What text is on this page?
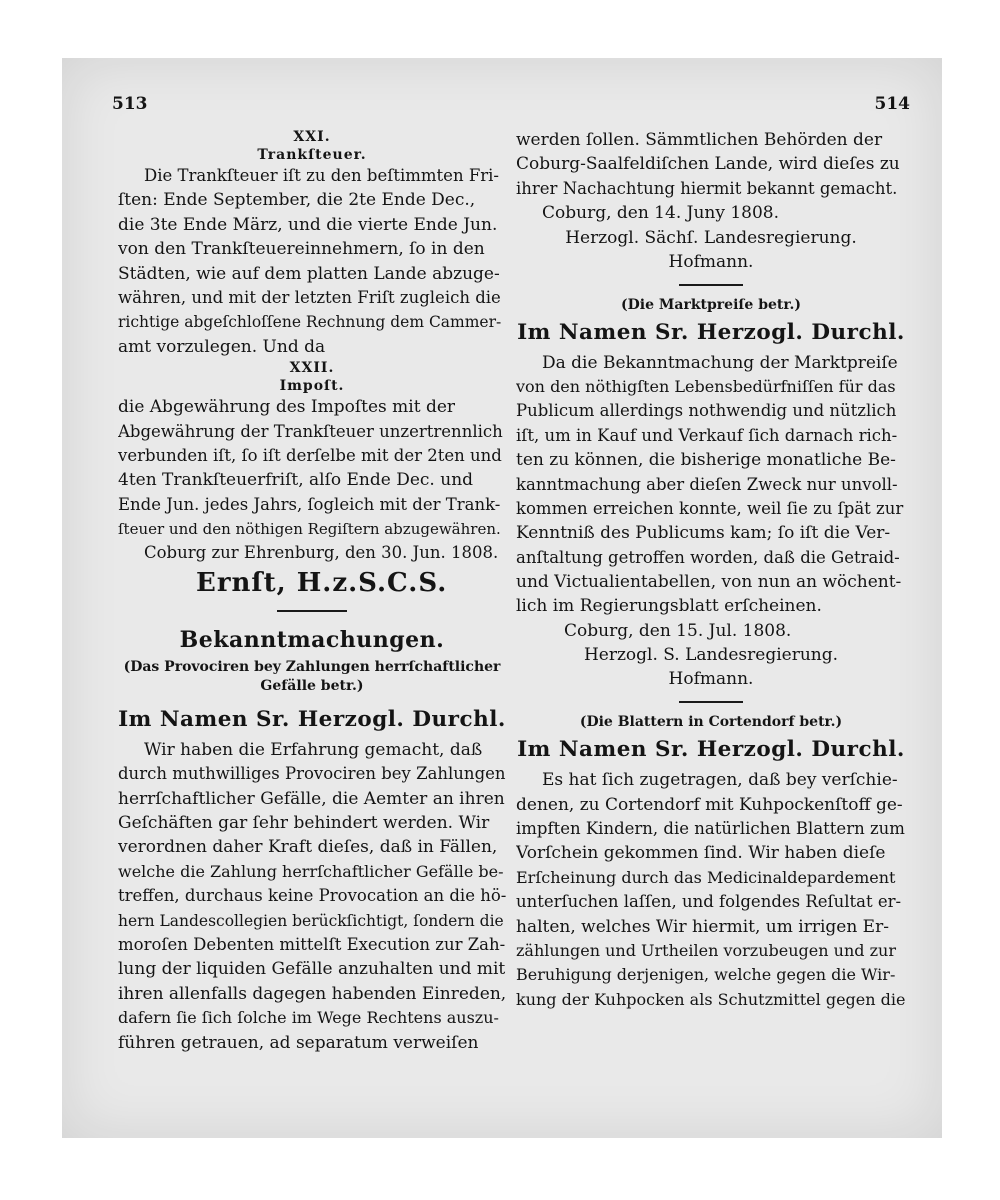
513	514
XXI.
Trankſteuer.
Die Trankſteuer iſt zu den beſtimmten Fri-
ſten: Ende September, die 2te Ende Dec.,
die 3te Ende März, und die vierte Ende Jun.
von den Trankſteuereinnehmern, ſo in den
Städten, wie auf dem platten Lande abzuge-
währen, und mit der letzten Friſt zugleich die
richtige abgeſchloſſene Rechnung dem Cammer-
amt vorzulegen. Und da
XXII.
Impoſt.
die Abgewährung des Impoſtes mit der
Abgewährung der Trankſteuer unzertrennlich
verbunden iſt, ſo iſt derſelbe mit der 2ten und
4ten Trankſteuerfriſt, alſo Ende Dec. und
Ende Jun. jedes Jahrs, ſogleich mit der Trank-
ſteuer und den nöthigen Regiſtern abzugewähren.
Coburg zur Ehrenburg, den 30. Jun. 1808.
Ernſt, H.z.S.C.S.
Bekanntmachungen.
(Das Provociren bey Zahlungen herrſchaftlicher
Gefälle betr.)
Im Namen Sr. Herzogl. Durchl.
Wir haben die Erfahrung gemacht, daß
durch muthwilliges Provociren bey Zahlungen
herrſchaftlicher Gefälle, die Aemter an ihren
Geſchäften gar ſehr behindert werden. Wir
verordnen daher Kraft dieſes, daß in Fällen,
welche die Zahlung herrſchaftlicher Gefälle be-
treffen, durchaus keine Provocation an die hö-
hern Landescollegien berückſichtigt, ſondern die
moroſen Debenten mittelſt Execution zur Zah-
lung der liquiden Gefälle anzuhalten und mit
ihren allenfalls dagegen habenden Einreden,
dafern ſie ſich ſolche im Wege Rechtens auszu-
führen getrauen, ad separatum verweiſen
werden ſollen. Sämmtlichen Behörden der
Coburg-Saalfeldiſchen Lande, wird dieſes zu
ihrer Nachachtung hiermit bekannt gemacht.
Coburg, den 14. Juny 1808.
Herzogl. Sächſ. Landesregierung.
Hofmann.
(Die Marktpreiſe betr.)
Im Namen Sr. Herzogl. Durchl.
Da die Bekanntmachung der Marktpreiſe
von den nöthigſten Lebensbedürfniſſen für das
Publicum allerdings nothwendig und nützlich
iſt, um in Kauf und Verkauf ſich darnach rich-
ten zu können, die bisherige monatliche Be-
kanntmachung aber dieſen Zweck nur unvoll-
kommen erreichen konnte, weil ſie zu ſpät zur
Kenntniß des Publicums kam; ſo iſt die Ver-
anſtaltung getroffen worden, daß die Getraid-
und Victualientabellen, von nun an wöchent-
lich im Regierungsblatt erſcheinen.
Coburg, den 15. Jul. 1808.
Herzogl. S. Landesregierung.
Hofmann.
(Die Blattern in Cortendorf betr.)
Im Namen Sr. Herzogl. Durchl.
Es hat ſich zugetragen, daß bey verſchie-
denen, zu Cortendorf mit Kuhpockenſtoff ge-
impften Kindern, die natürlichen Blattern zum
Vorſchein gekommen ſind. Wir haben dieſe
Erſcheinung durch das Medicinaldepardement
unterſuchen laſſen, und folgendes Reſultat er-
halten, welches Wir hiermit, um irrigen Er-
zählungen und Urtheilen vorzubeugen und zur
Beruhigung derjenigen, welche gegen die Wir-
kung der Kuhpocken als Schutzmittel gegen die
